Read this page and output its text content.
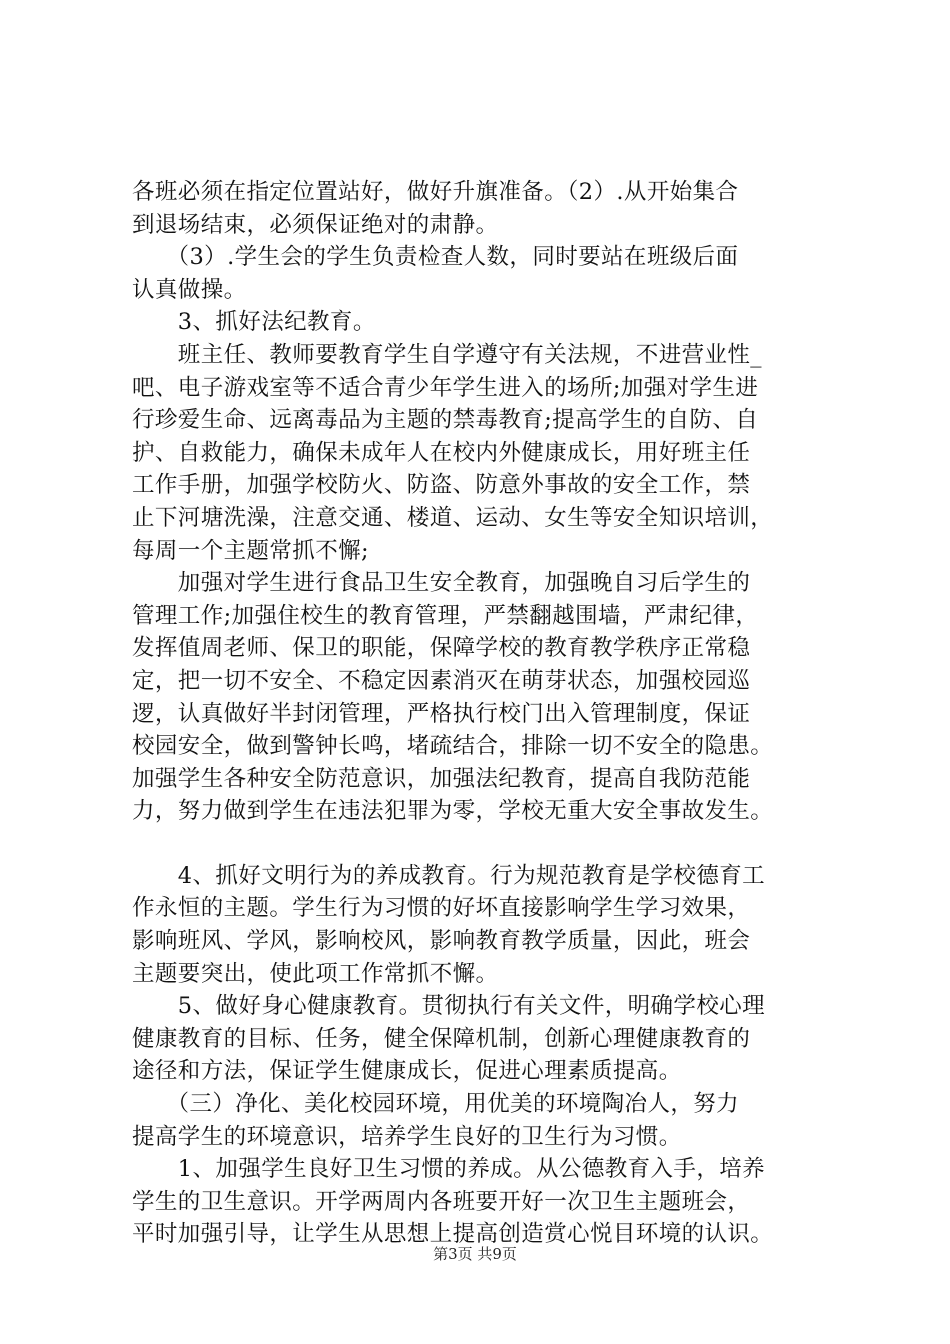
各班必须在指定位置站好，做好升旗准备。（2）.从开始集合
到退场结束，必须保证绝对的肃静。
　　（3）.学生会的学生负责检查人数，同时要站在班级后面
认真做操。
　　3、抓好法纪教育。
　　班主任、教师要教育学生自学遵守有关法规，不进营业性_
吧、电子游戏室等不适合青少年学生进入的场所;加强对学生进
行珍爱生命、远离毒品为主题的禁毒教育;提高学生的自防、自
护、自救能力，确保未成年人在校内外健康成长，用好班主任
工作手册，加强学校防火、防盗、防意外事故的安全工作，禁
止下河塘洗澡，注意交通、楼道、运动、女生等安全知识培训，
每周一个主题常抓不懈;
　　加强对学生进行食品卫生安全教育，加强晚自习后学生的
管理工作;加强住校生的教育管理，严禁翻越围墙，严肃纪律，
发挥值周老师、保卫的职能，保障学校的教育教学秩序正常稳
定，把一切不安全、不稳定因素消灭在萌芽状态，加强校园巡
逻，认真做好半封闭管理，严格执行校门出入管理制度，保证
校园安全，做到警钟长鸣，堵疏结合，排除一切不安全的隐患。
加强学生各种安全防范意识，加强法纪教育，提高自我防范能
力，努力做到学生在违法犯罪为零，学校无重大安全事故发生。
　　4、抓好文明行为的养成教育。行为规范教育是学校德育工
作永恒的主题。学生行为习惯的好坏直接影响学生学习效果，
影响班风、学风，影响校风，影响教育教学质量，因此，班会
主题要突出，使此项工作常抓不懈。
　　5、做好身心健康教育。贯彻执行有关文件，明确学校心理
健康教育的目标、任务，健全保障机制，创新心理健康教育的
途径和方法，保证学生健康成长，促进心理素质提高。
　　（三）净化、美化校园环境，用优美的环境陶冶人，努力
提高学生的环境意识，培养学生良好的卫生行为习惯。
　　1、加强学生良好卫生习惯的养成。从公德教育入手，培养
学生的卫生意识。开学两周内各班要开好一次卫生主题班会，
平时加强引导，让学生从思想上提高创造赏心悦目环境的认识。
第3页 共9页
